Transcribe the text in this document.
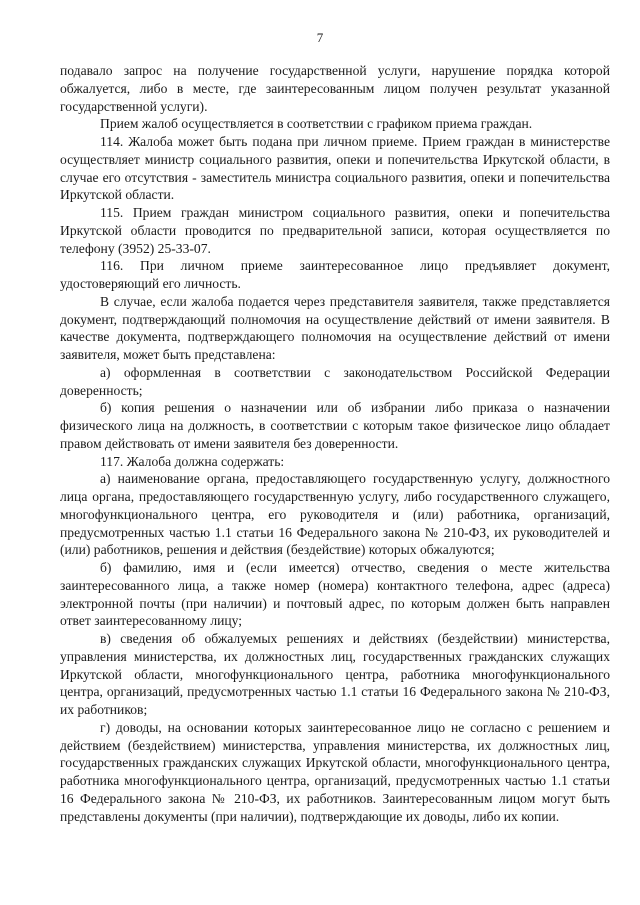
7

подавало запрос на получение государственной услуги, нарушение порядка которой обжалуется, либо в месте, где заинтересованным лицом получен результат указанной государственной услуги).

Прием жалоб осуществляется в соответствии с графиком приема граждан.

114. Жалоба может быть подана при личном приеме. Прием граждан в министерстве осуществляет министр социального развития, опеки и попечительства Иркутской области, в случае его отсутствия - заместитель министра социального развития, опеки и попечительства Иркутской области.

115. Прием граждан министром социального развития, опеки и попечительства Иркутской области проводится по предварительной записи, которая осуществляется по телефону (3952) 25-33-07.

116. При личном приеме заинтересованное лицо предъявляет документ, удостоверяющий его личность.

В случае, если жалоба подается через представителя заявителя, также представляется документ, подтверждающий полномочия на осуществление действий от имени заявителя. В качестве документа, подтверждающего полномочия на осуществление действий от имени заявителя, может быть представлена:

а) оформленная в соответствии с законодательством Российской Федерации доверенность;

б) копия решения о назначении или об избрании либо приказа о назначении физического лица на должность, в соответствии с которым такое физическое лицо обладает правом действовать от имени заявителя без доверенности.

117. Жалоба должна содержать:

а) наименование органа, предоставляющего государственную услугу, должностного лица органа, предоставляющего государственную услугу, либо государственного служащего, многофункционального центра, его руководителя и (или) работника, организаций, предусмотренных частью 1.1 статьи 16 Федерального закона № 210-ФЗ, их руководителей и (или) работников, решения и действия (бездействие) которых обжалуются;

б) фамилию, имя и (если имеется) отчество, сведения о месте жительства заинтересованного лица, а также номер (номера) контактного телефона, адрес (адреса) электронной почты (при наличии) и почтовый адрес, по которым должен быть направлен ответ заинтересованному лицу;

в) сведения об обжалуемых решениях и действиях (бездействии) министерства, управления министерства, их должностных лиц, государственных гражданских служащих Иркутской области, многофункционального центра, работника многофункционального центра, организаций, предусмотренных частью 1.1 статьи 16 Федерального закона № 210-ФЗ, их работников;

г) доводы, на основании которых заинтересованное лицо не согласно с решением и действием (бездействием) министерства, управления министерства, их должностных лиц, государственных гражданских служащих Иркутской области, многофункционального центра, работника многофункционального центра, организаций, предусмотренных частью 1.1 статьи 16 Федерального закона № 210-ФЗ, их работников. Заинтересованным лицом могут быть представлены документы (при наличии), подтверждающие их доводы, либо их копии.
